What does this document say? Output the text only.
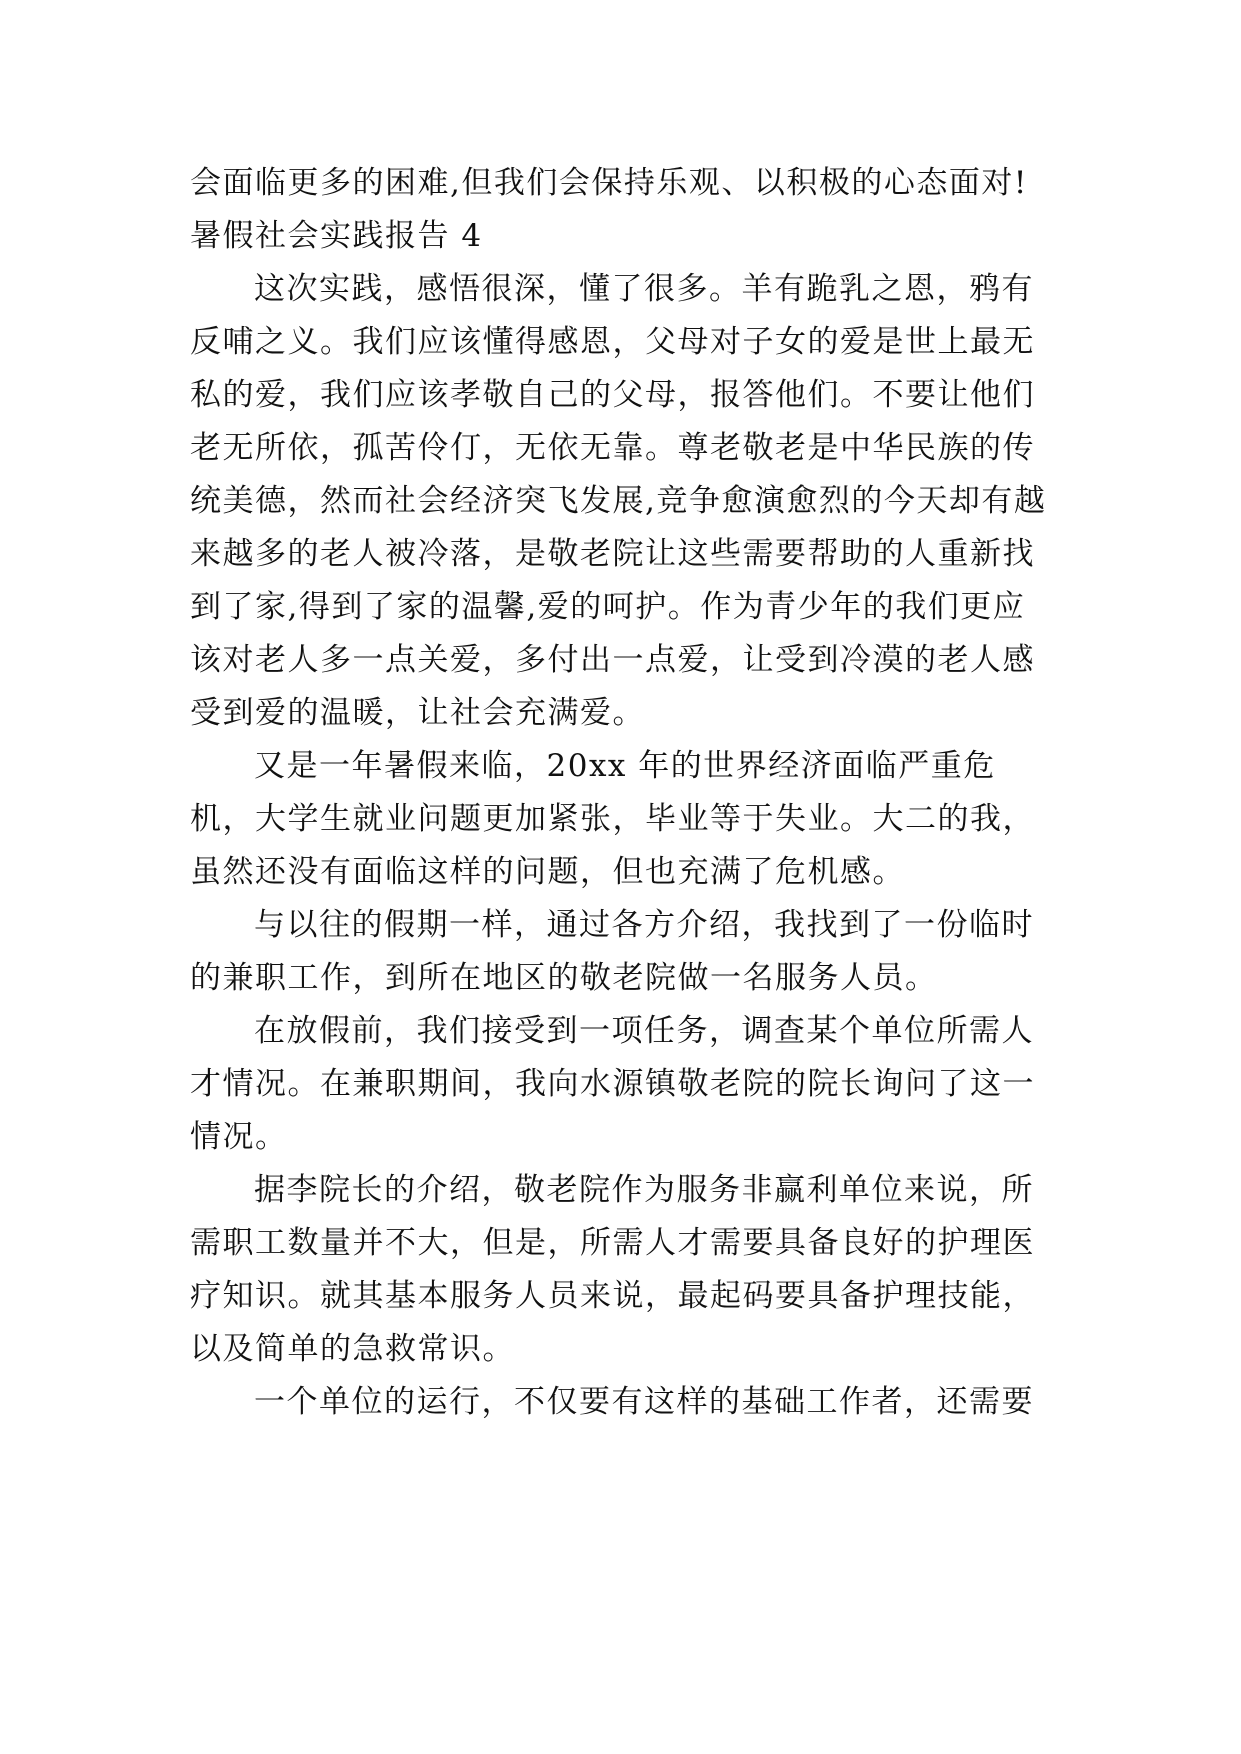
会面临更多的困难,但我们会保持乐观、以积极的心态面对!

暑假社会实践报告 4

这次实践，感悟很深，懂了很多。羊有跪乳之恩，鸦有反哺之义。我们应该懂得感恩，父母对子女的爱是世上最无私的爱，我们应该孝敬自己的父母，报答他们。不要让他们老无所依，孤苦伶仃，无依无靠。尊老敬老是中华民族的传统美德，然而社会经济突飞发展,竞争愈演愈烈的今天却有越来越多的老人被冷落，是敬老院让这些需要帮助的人重新找到了家,得到了家的温馨,爱的呵护。作为青少年的我们更应该对老人多一点关爱，多付出一点爱，让受到冷漠的老人感受到爱的温暖，让社会充满爱。

又是一年暑假来临，20xx 年的世界经济面临严重危机，大学生就业问题更加紧张，毕业等于失业。大二的我，虽然还没有面临这样的问题，但也充满了危机感。

与以往的假期一样，通过各方介绍，我找到了一份临时的兼职工作，到所在地区的敬老院做一名服务人员。

在放假前，我们接受到一项任务，调查某个单位所需人才情况。在兼职期间，我向水源镇敬老院的院长询问了这一情况。

据李院长的介绍，敬老院作为服务非赢利单位来说，所需职工数量并不大，但是，所需人才需要具备良好的护理医疗知识。就其基本服务人员来说，最起码要具备护理技能，以及简单的急救常识。

一个单位的运行，不仅要有这样的基础工作者，还需要
